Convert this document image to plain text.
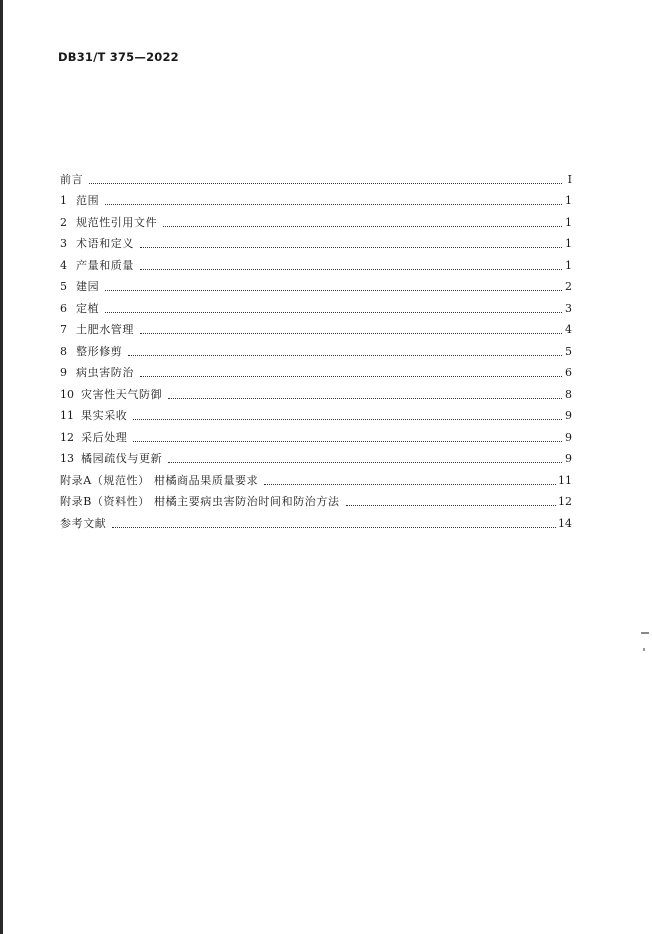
DB31/T 375—2022
前言	I
1 范围	1
2 规范性引用文件	1
3 术语和定义	1
4 产量和质量	1
5 建园	2
6 定植	3
7 土肥水管理	4
8 整形修剪	5
9 病虫害防治	6
10 灾害性天气防御	8
11 果实采收	9
12 采后处理	9
13 橘园疏伐与更新	9
附录A（规范性） 柑橘商品果质量要求	11
附录B（资料性） 柑橘主要病虫害防治时间和防治方法	12
参考文献	14
